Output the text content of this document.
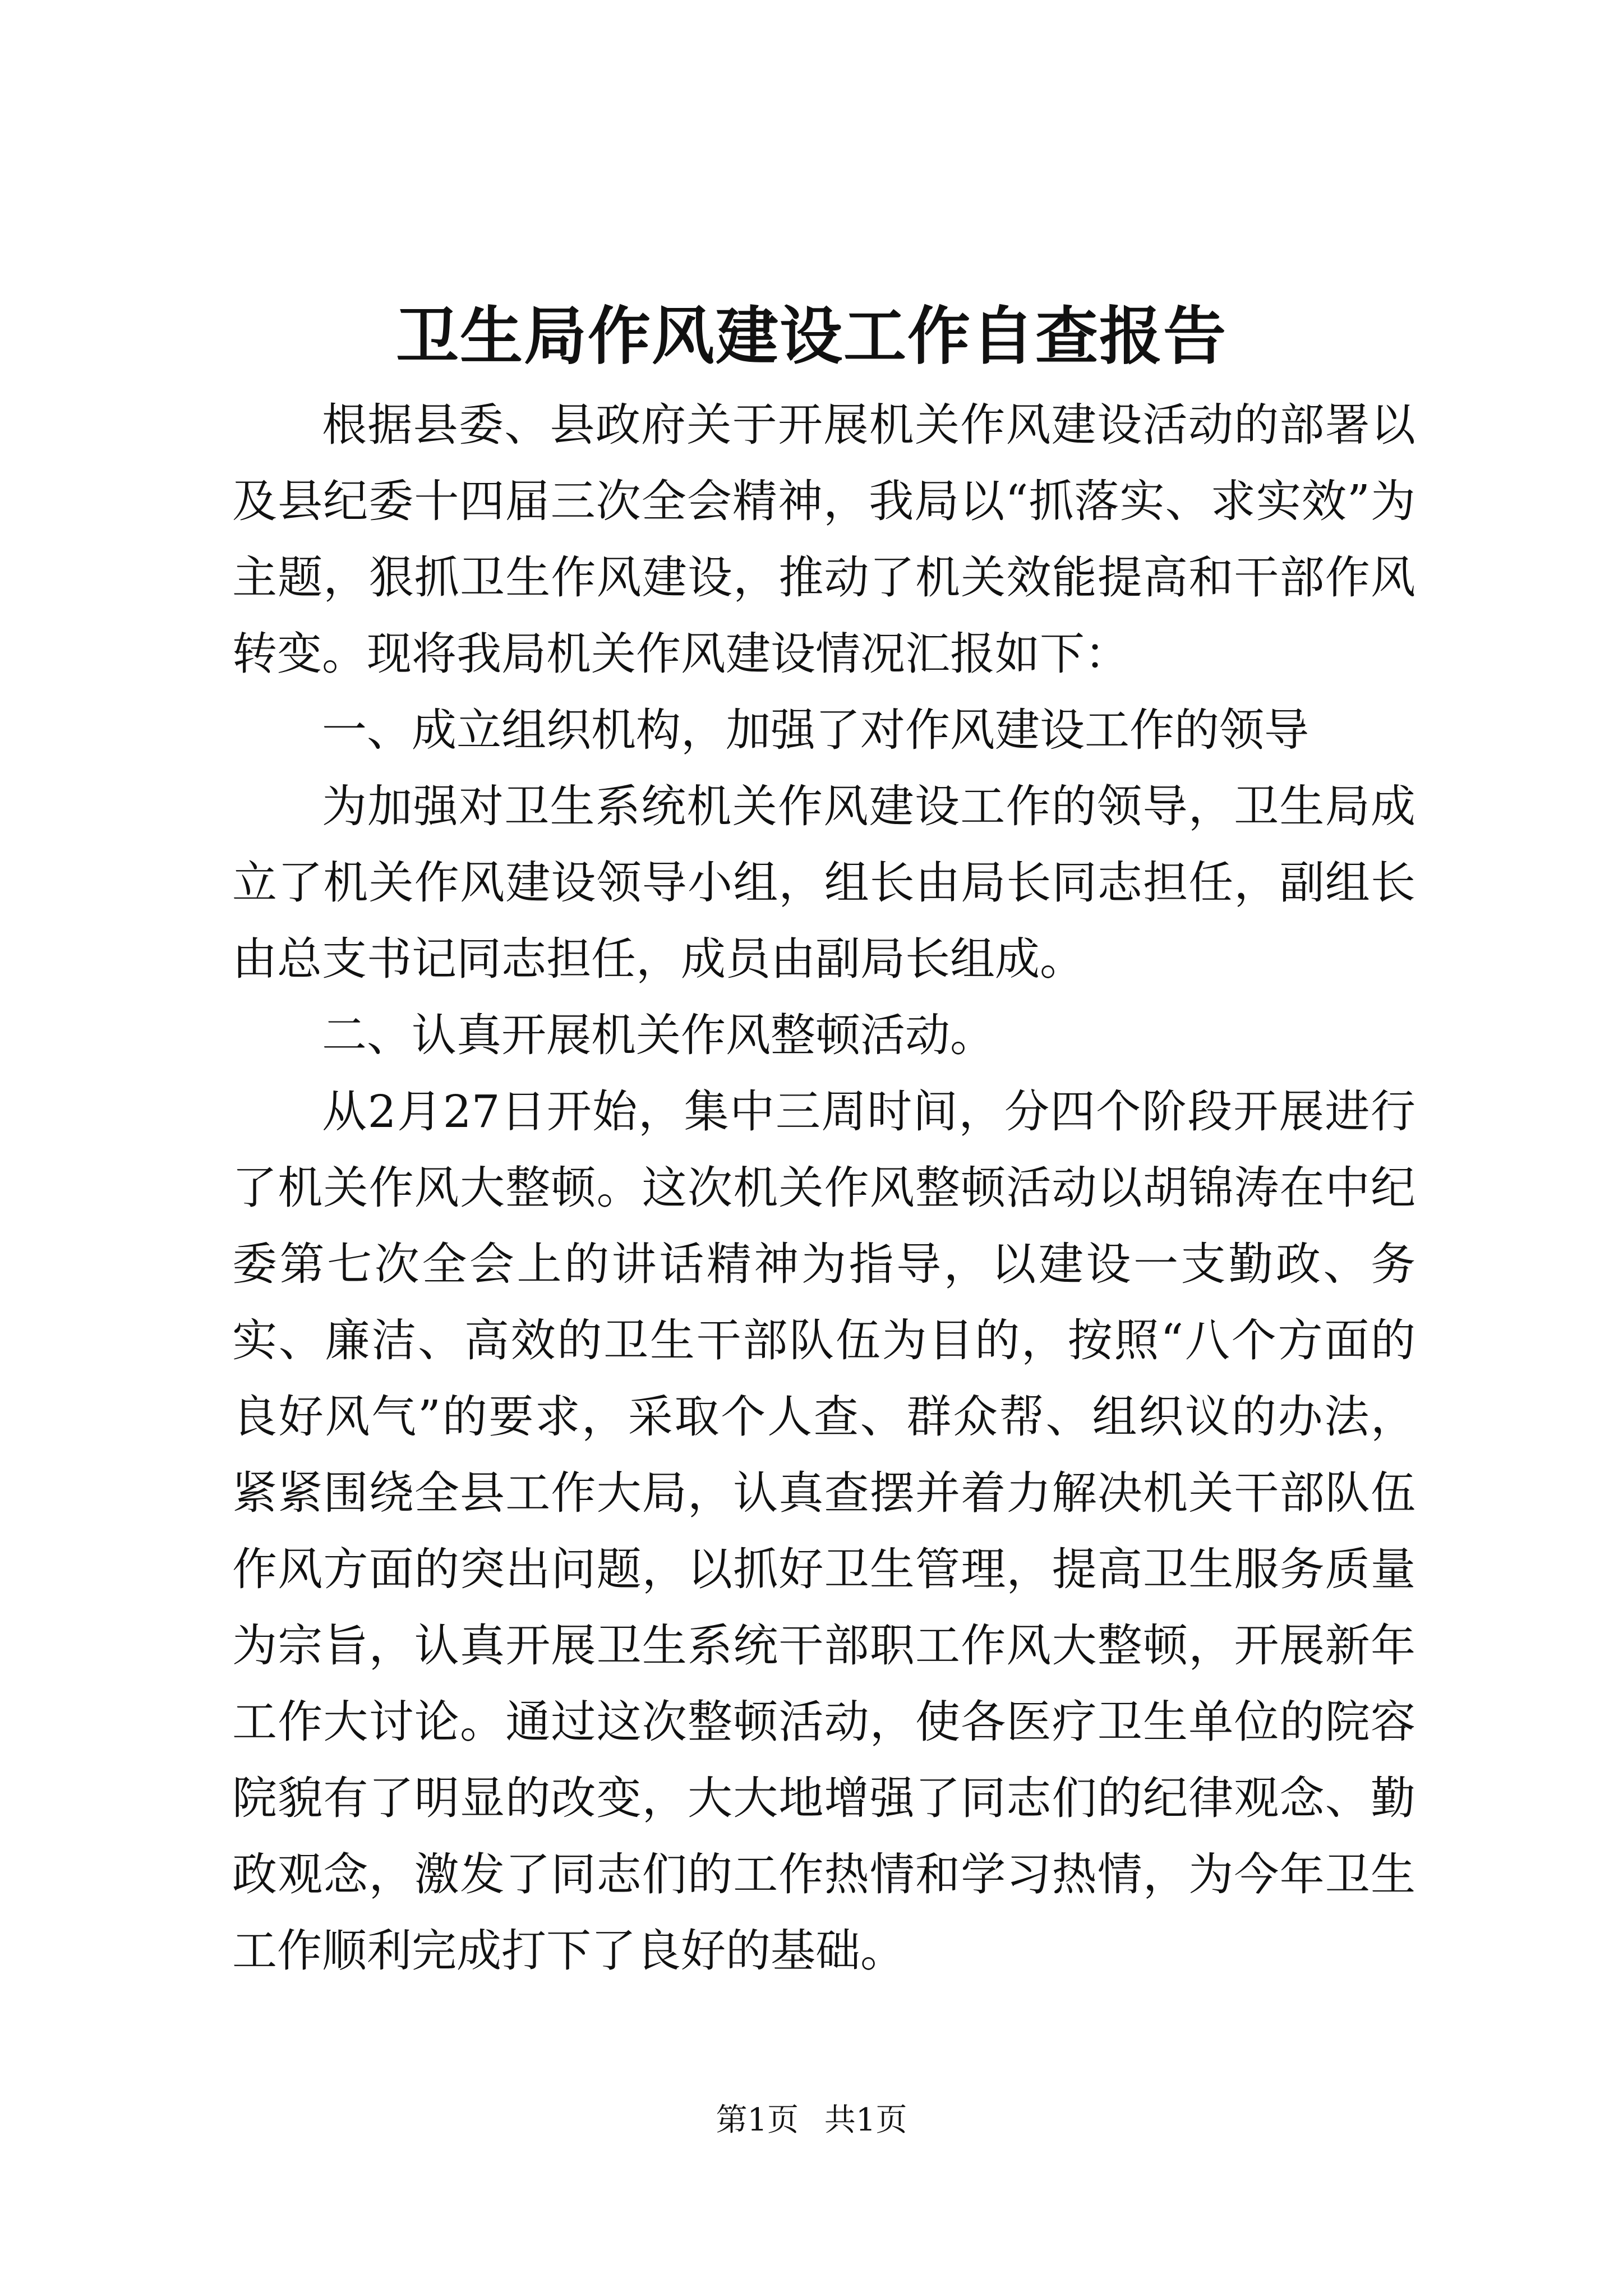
卫生局作风建设工作自查报告

根据县委、县政府关于开展机关作风建设活动的部署以及县纪委十四届三次全会精神，我局以“抓落实、求实效”为主题，狠抓卫生作风建设，推动了机关效能提高和干部作风转变。现将我局机关作风建设情况汇报如下：

一、成立组织机构，加强了对作风建设工作的领导

为加强对卫生系统机关作风建设工作的领导，卫生局成立了机关作风建设领导小组，组长由局长同志担任，副组长由总支书记同志担任，成员由副局长组成。

二、认真开展机关作风整顿活动。

从2月27日开始，集中三周时间，分四个阶段开展进行了机关作风大整顿。这次机关作风整顿活动以胡锦涛在中纪委第七次全会上的讲话精神为指导，以建设一支勤政、务实、廉洁、高效的卫生干部队伍为目的，按照“八个方面的良好风气”的要求，采取个人查、群众帮、组织议的办法，紧紧围绕全县工作大局，认真查摆并着力解决机关干部队伍作风方面的突出问题，以抓好卫生管理，提高卫生服务质量为宗旨，认真开展卫生系统干部职工作风大整顿，开展新年工作大讨论。通过这次整顿活动，使各医疗卫生单位的院容院貌有了明显的改变，大大地增强了同志们的纪律观念、勤政观念，激发了同志们的工作热情和学习热情，为今年卫生工作顺利完成打下了良好的基础。

第1页 共1页
